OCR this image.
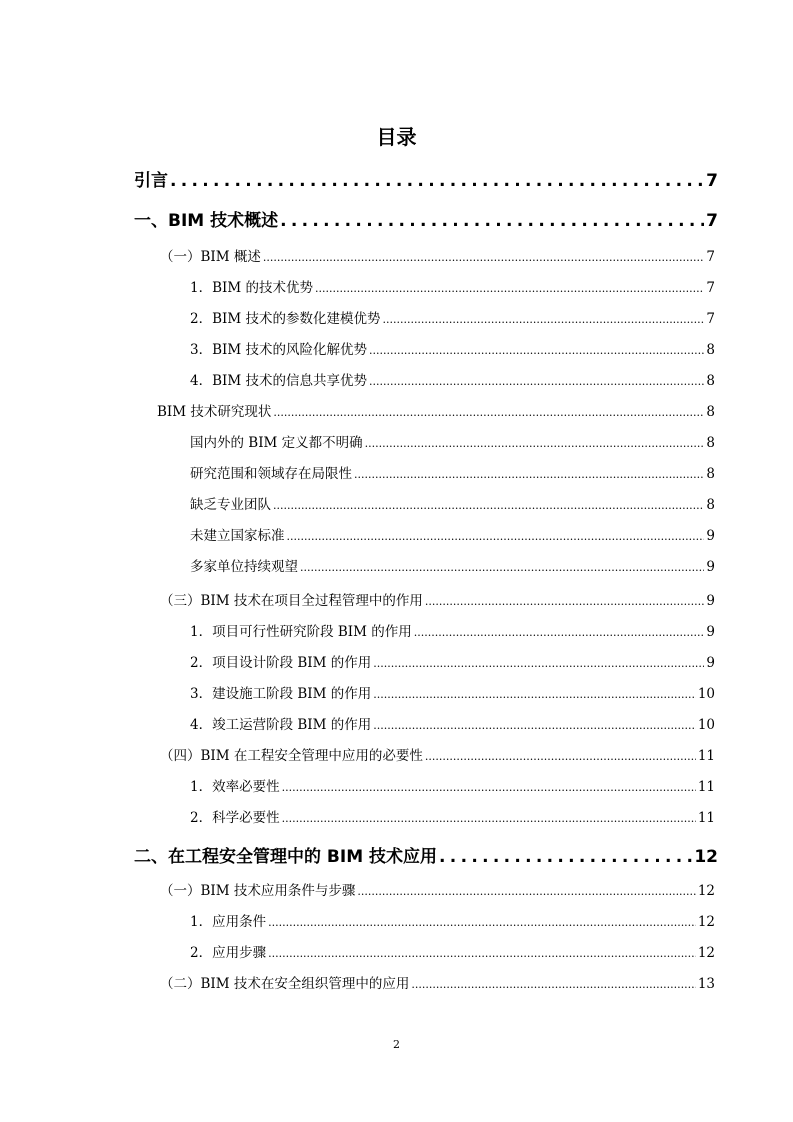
目录
引言 .....	7
一、BIM 技术概述 .....	7
（一）BIM 概述 .....	7
1．BIM 的技术优势 .....	7
2．BIM 技术的参数化建模优势 .....	7
3．BIM 技术的风险化解优势 .....	8
4．BIM 技术的信息共享优势 .....	8
BIM 技术研究现状 .....	8
国内外的 BIM 定义都不明确 .....	8
研究范围和领域存在局限性 .....	8
缺乏专业团队 .....	8
未建立国家标准 .....	9
多家单位持续观望 .....	9
（三）BIM 技术在项目全过程管理中的作用 .....	9
1．项目可行性研究阶段 BIM 的作用 .....	9
2．项目设计阶段 BIM 的作用 .....	9
3．建设施工阶段 BIM 的作用 .....	10
4．竣工运营阶段 BIM 的作用 .....	10
（四）BIM 在工程安全管理中应用的必要性 .....	11
1．效率必要性 .....	11
2．科学必要性 .....	11
二、在工程安全管理中的 BIM 技术应用 .....	12
（一）BIM 技术应用条件与步骤 .....	12
1．应用条件 .....	12
2．应用步骤 .....	12
（二）BIM 技术在安全组织管理中的应用 .....	13
2
